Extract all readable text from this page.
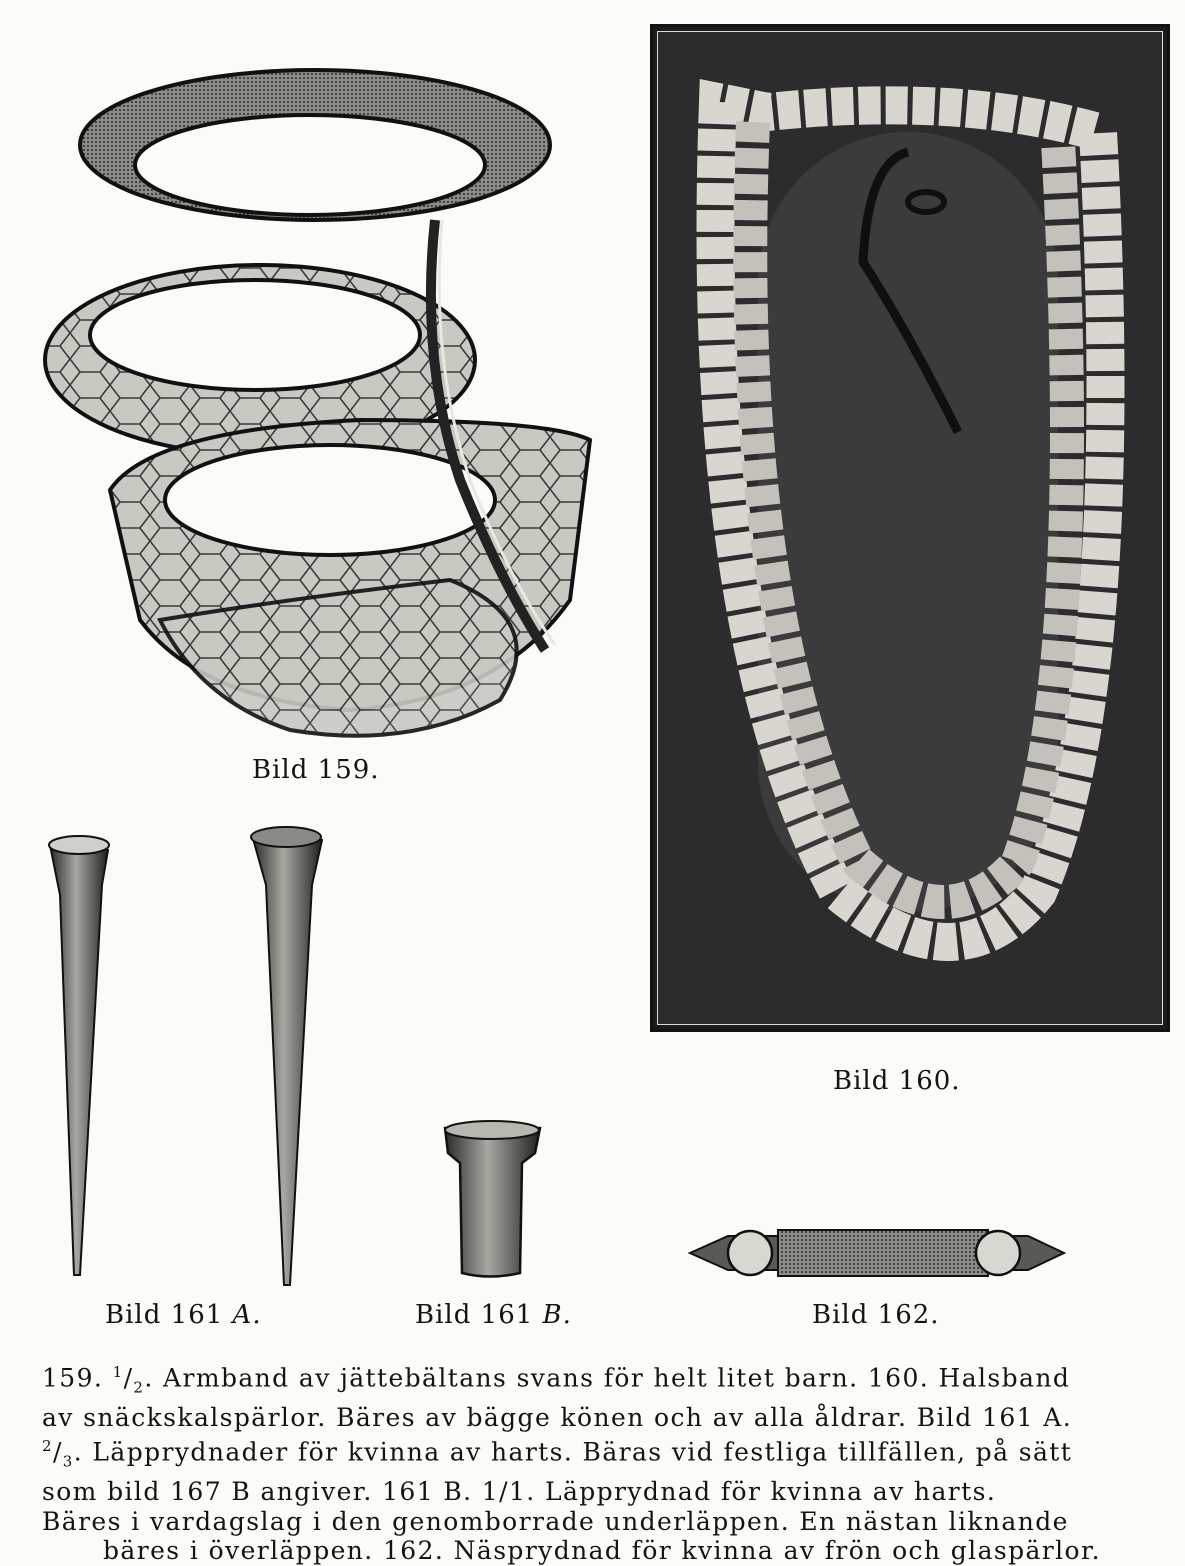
Bild 159.
Bild 160.
Bild 161 A.	Bild 161 B.	Bild 162.
159. $^1/_2$. Armband av jättebältans svans för helt litet barn. 160. Halsband
av snäckskalspärlor. Bäres av bägge könen och av alla åldrar. Bild 161 A.
$^2/_3$. Läpprydnader för kvinna av harts. Bäras vid festliga tillfällen, på sätt
som bild 167 B angiver. 161 B. 1/1. Läpprydnad för kvinna av harts.
Bäres i vardagslag i den genomborrade underläppen. En nästan liknande
bäres i överläppen. 162. Näsprydnad för kvinna av frön och glaspärlor.
